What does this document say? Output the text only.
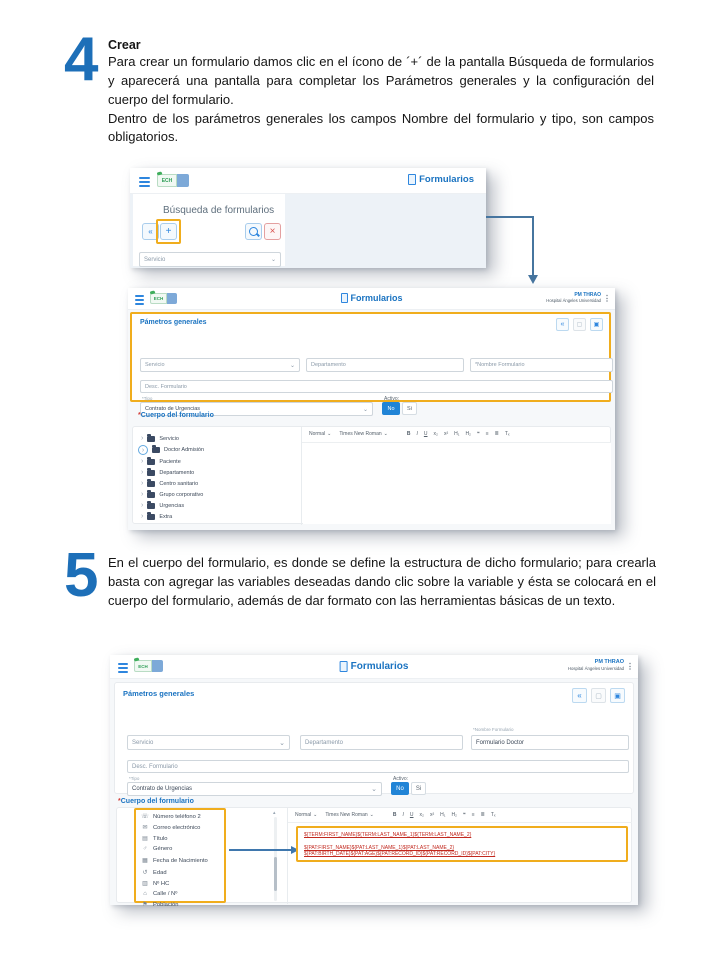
4 Crear

Para crear un formulario damos clic en el ícono de ´+´ de la pantalla Búsqueda de formularios y aparecerá una pantalla para completar los Parámetros generales y la configuración del cuerpo del formulario.

Dentro de los parámetros generales los campos Nombre del formulario y tipo, son campos obligatorios.

ECH	Formularios
Búsqueda de formularios
«	+	×
Servicio	⌄
ECH	Formularios	PM THRAO
Hospital Ángeles Universidad ⋮
Pámetros generales	«	▢	▣
Servicio	⌄	Departamento	*Nombre Formulario
Desc. Formulario
*Tipo
Contrato de Urgencias	⌄
Activo:
No	Si
*Cuerpo del formulario
›	Servicio
›	Doctor Admisión
›	Paciente
›	Departamento
›	Centro sanitario
›	Grupo corporativo
›	Urgencias
›	Extra
Normal ⌄ Times New Roman ⌄	B I U x₂ x² H₁ H₂ ❝ ≡ ≣ Tₓ
5 En el cuerpo del formulario, es donde se define la estructura de dicho formulario; para crearla basta con agregar las variables deseadas dando clic sobre la variable y ésta se colocará en el cuerpo del formulario, además de dar formato con las herramientas básicas de un texto.

ECH	Formularios	PM THRAO
Hospital Ángeles Universidad ⋮
Pámetros generales	«	▢	▣
*Nombre Formulario
Servicio	⌄	Departamento	Formulario Doctor
Desc. Formulario
*Tipo
Contrato de Urgencias	⌄
Activo:
No	Si
*Cuerpo del formulario
☏
Número teléfono 2
✉
Correo electrónico
▤
Título
♂
Género
▦
Fecha de Nacimiento
↺
Edad
▥
Nº HC
⌂
Calle / Nº
⚑
Población
▴	Normal ⌄ Times New Roman ⌄	B I U x₂ x² H₁ H₂ ❝ ≡ ≣ Tₓ
${TERM:FIRST_NAME}${TERM:LAST_NAME_1}${TERM:LAST_NAME_2}
${PAT:FIRST_NAME}${PAT:LAST_NAME_1}${PAT:LAST_NAME_2}
${PAT:BIRTH_DATE}${PAT:AGE}${PAT:RECORD_ID}${PAT:RECORD_ID}${PAT:CITY}
